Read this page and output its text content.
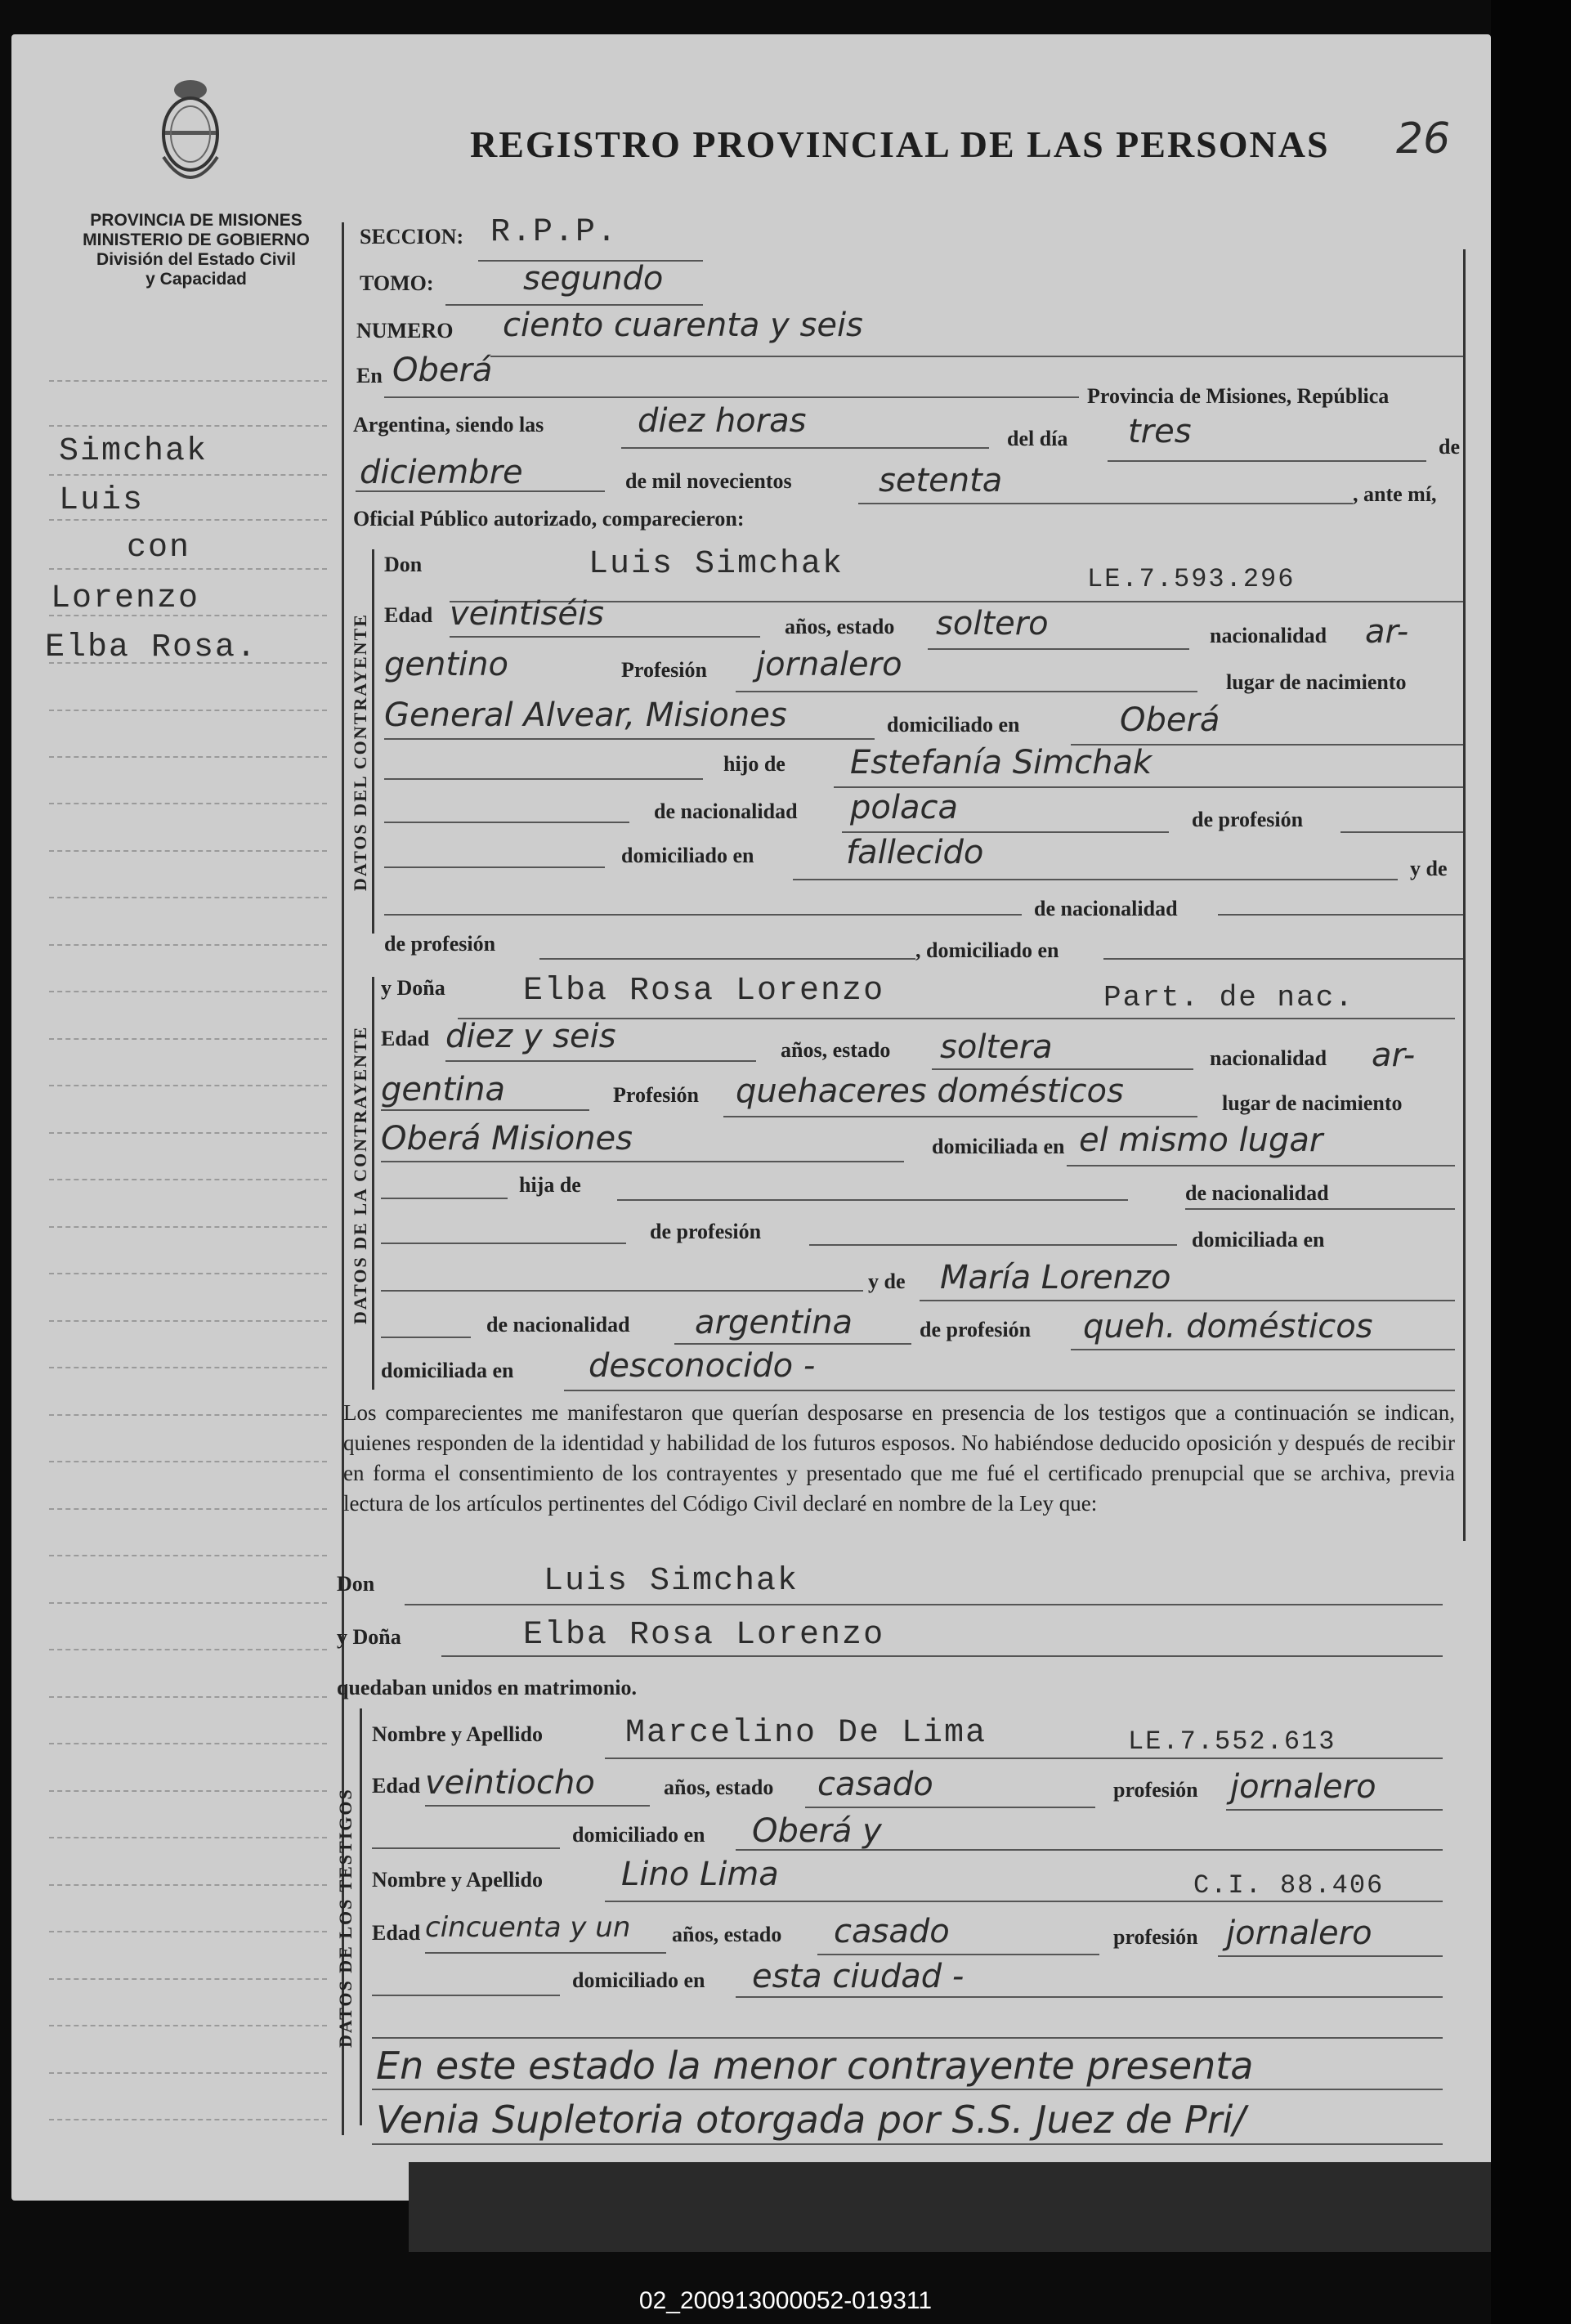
PROVINCIA DE MISIONES
MINISTERIO DE GOBIERNO
División del Estado Civil
y Capacidad
REGISTRO PROVINCIAL DE LAS PERSONAS 26
Simchak
Luis
con
Lorenzo
Elba Rosa.
SECCION: R.P.P.
TOMO:	segundo
NUMERO ciento cuarenta y seis
En Oberá
Provincia de Misiones, República
Argentina, siendo las	diez horas	del día tres	de
diciembre	de mil novecientos	setenta	, ante mí,
Oficial Público autorizado, comparecieron:
DATOS DEL CONTRAYENTE
Don	Luis Simchak	LE.7.593.296
Edad veintiséis	años, estado soltero	nacionalidad ar-
gentino	Profesión jornalero	lugar de nacimiento
General Alvear, Misiones	domiciliado en	Oberá
hijo de Estefanía Simchak
de nacionalidad polaca	de profesión
domiciliado en	fallecido	y de
de nacionalidad
de profesión	, domiciliado en
DATOS DE LA CONTRAYENTE
y Doña Elba Rosa Lorenzo	Part. de nac.
Edad diez y seis	años, estado soltera	nacionalidad ar-
gentina	Profesión quehaceres domésticos	lugar de nacimiento
Oberá Misiones	domiciliada en el mismo lugar
hija de	de nacionalidad
de profesión	domiciliada en
y de María Lorenzo
de nacionalidad argentina	de profesión queh. domésticos
domiciliada en desconocido -
Los comparecientes me manifestaron que querían desposarse en presencia de los testigos que a continuación se indican, quienes responden de la identidad y habilidad de los futuros esposos. No habiéndose deducido oposición y después de recibir en forma el consentimiento de los contrayentes y presentado que me fué el certificado prenupcial que se archiva, previa lectura de los artículos pertinentes del Código Civil declaré en nombre de la Ley que:
Don	Luis Simchak
y Doña	Elba Rosa Lorenzo
quedaban unidos en matrimonio.
DATOS DE LOS TESTIGOS
Nombre y Apellido	Marcelino De Lima	LE.7.552.613
Edad veintiocho	años, estado casado	profesión jornalero
domiciliado en Oberá y
Nombre y Apellido Lino Lima	C.I. 88.406
Edad cincuenta y un años, estado casado	profesión jornalero
domiciliado en esta ciudad -
En este estado la menor contrayente presenta
Venia Supletoria otorgada por S.S. Juez de Pri/
02_200913000052-019311
